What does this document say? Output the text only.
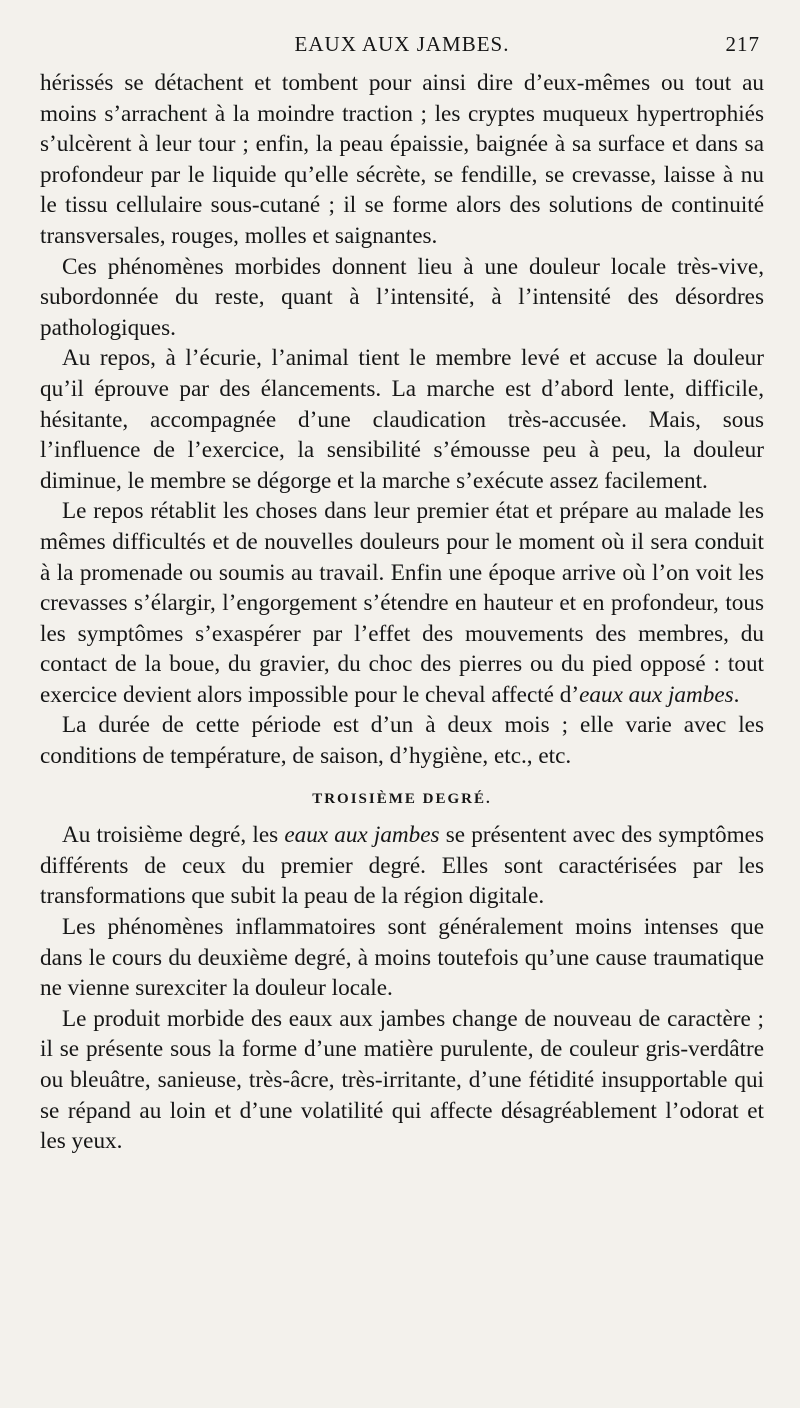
EAUX AUX JAMBES.	217

hérissés se détachent et tombent pour ainsi dire d’eux-mêmes ou tout au moins s’arrachent à la moindre traction ; les cryptes muqueux hypertrophiés s’ulcèrent à leur tour ; enfin, la peau épaissie, baignée à sa surface et dans sa profondeur par le liquide qu’elle sécrète, se fendille, se crevasse, laisse à nu le tissu cellulaire sous-cutané ; il se forme alors des solutions de continuité transversales, rouges, molles et saignantes.

Ces phénomènes morbides donnent lieu à une douleur locale très-vive, subordonnée du reste, quant à l’intensité, à l’intensité des désordres pathologiques.

Au repos, à l’écurie, l’animal tient le membre levé et accuse la douleur qu’il éprouve par des élancements. La marche est d’abord lente, difficile, hésitante, accompagnée d’une claudication très-accusée. Mais, sous l’influence de l’exercice, la sensibilité s’émousse peu à peu, la douleur diminue, le membre se dégorge et la marche s’exécute assez facilement.

Le repos rétablit les choses dans leur premier état et prépare au malade les mêmes difficultés et de nouvelles douleurs pour le moment où il sera conduit à la promenade ou soumis au travail. Enfin une époque arrive où l’on voit les crevasses s’élargir, l’engorgement s’étendre en hauteur et en profondeur, tous les symptômes s’exaspérer par l’effet des mouvements des membres, du contact de la boue, du gravier, du choc des pierres ou du pied opposé : tout exercice devient alors impossible pour le cheval affecté d’eaux aux jambes.

La durée de cette période est d’un à deux mois ; elle varie avec les conditions de température, de saison, d’hygiène, etc., etc.

TROISIÈME DEGRÉ.

Au troisième degré, les eaux aux jambes se présentent avec des symptômes différents de ceux du premier degré. Elles sont caractérisées par les transformations que subit la peau de la région digitale.

Les phénomènes inflammatoires sont généralement moins intenses que dans le cours du deuxième degré, à moins toutefois qu’une cause traumatique ne vienne surexciter la douleur locale.

Le produit morbide des eaux aux jambes change de nouveau de caractère ; il se présente sous la forme d’une matière purulente, de couleur gris-verdâtre ou bleuâtre, sanieuse, très-âcre, très-irritante, d’une fétidité insupportable qui se répand au loin et d’une volatilité qui affecte désagréablement l’odorat et les yeux.
